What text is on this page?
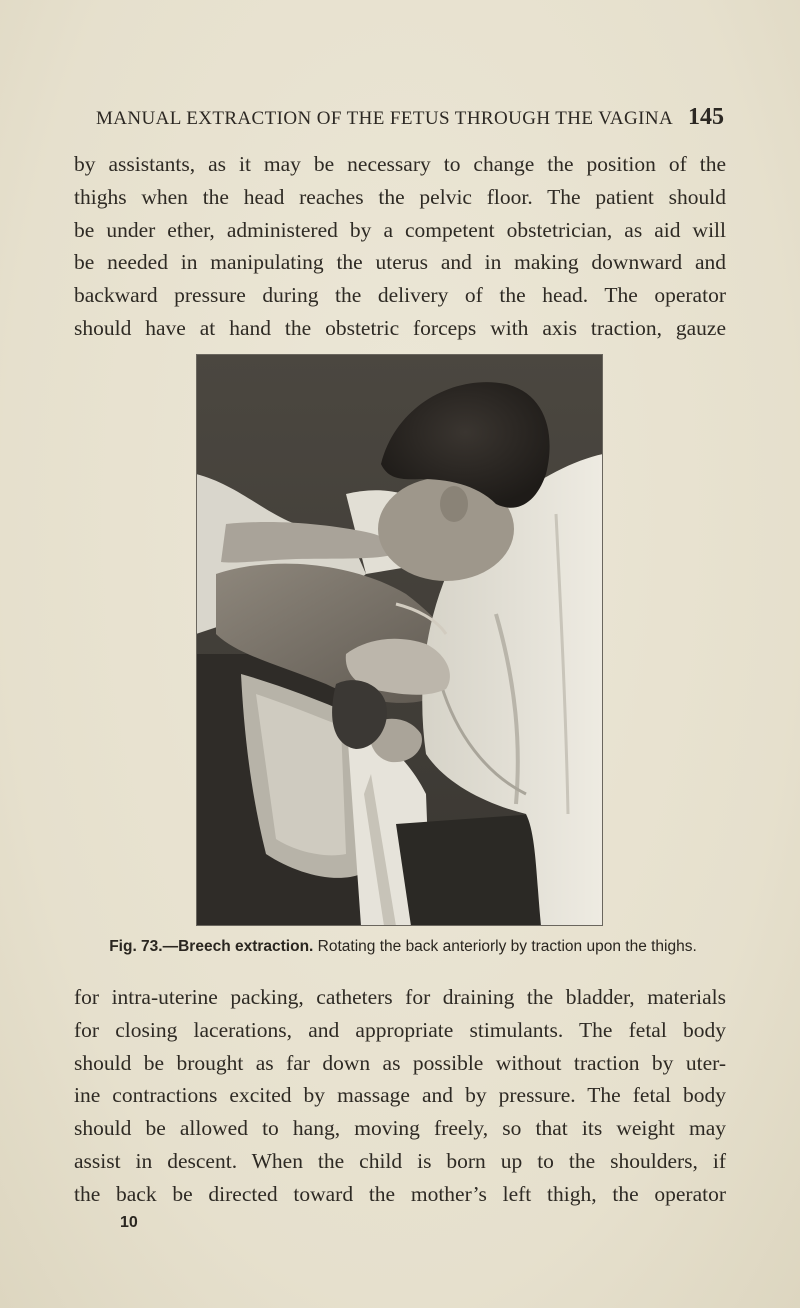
MANUAL EXTRACTION OF THE FETUS THROUGH THE VAGINA 145
by assistants, as it may be necessary to change the position of the
thighs when the head reaches the pelvic floor. The patient should
be under ether, administered by a competent obstetrician, as aid will
be needed in manipulating the uterus and in making downward and
backward pressure during the delivery of the head. The operator
should have at hand the obstetric forceps with axis traction, gauze
Fig. 73.—Breech extraction. Rotating the back anteriorly by traction upon the thighs.
for intra-uterine packing, catheters for draining the bladder, materials
for closing lacerations, and appropriate stimulants. The fetal body
should be brought as far down as possible without traction by uter-
ine contractions excited by massage and by pressure. The fetal body
should be allowed to hang, moving freely, so that its weight may
assist in descent. When the child is born up to the shoulders, if
the back be directed toward the mother’s left thigh, the operator
10
